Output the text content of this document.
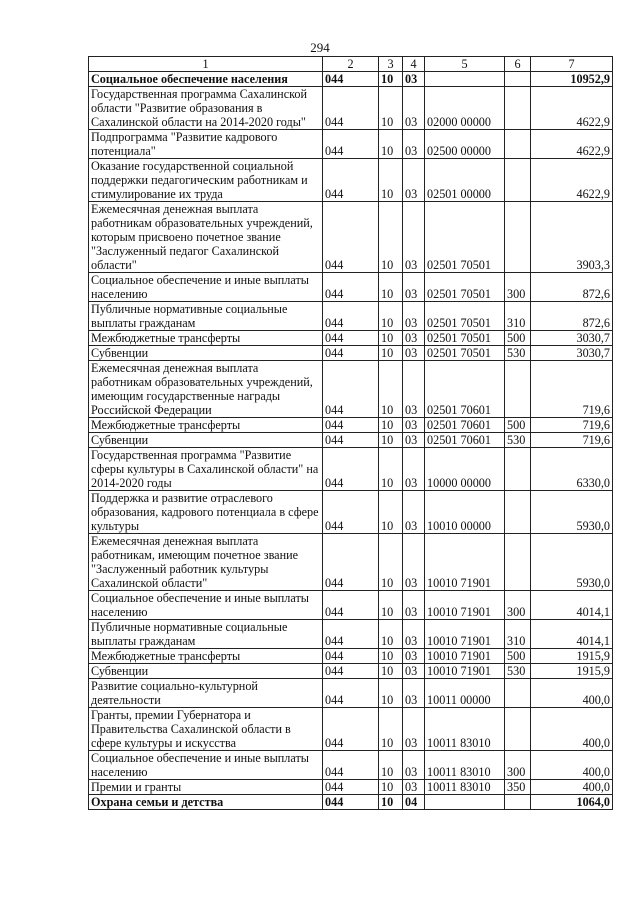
294
1	2	3	4	5	6	7
Социальное обеспечение населения	044	10	03			10952,9
Государственная программа Сахалинской области "Развитие образования в Сахалинской области на 2014-2020 годы"	044	10	03	02000 00000		4622,9
Подпрограмма "Развитие кадрового потенциала"	044	10	03	02500 00000		4622,9
Оказание государственной социальной поддержки педагогическим работникам и стимулирование их труда	044	10	03	02501 00000		4622,9
Ежемесячная денежная выплата работникам образовательных учреждений, которым присвоено почетное звание "Заслуженный педагог Сахалинской области"	044	10	03	02501 70501		3903,3
Социальное обеспечение и иные выплаты населению	044	10	03	02501 70501	300	872,6
Публичные нормативные социальные выплаты гражданам	044	10	03	02501 70501	310	872,6
Межбюджетные трансферты	044	10	03	02501 70501	500	3030,7
Субвенции	044	10	03	02501 70501	530	3030,7
Ежемесячная денежная выплата работникам образовательных учреждений, имеющим государственные награды Российской Федерации	044	10	03	02501 70601		719,6
Межбюджетные трансферты	044	10	03	02501 70601	500	719,6
Субвенции	044	10	03	02501 70601	530	719,6
Государственная программа "Развитие сферы культуры в Сахалинской области" на 2014-2020 годы	044	10	03	10000 00000		6330,0
Поддержка и развитие отраслевого образования, кадрового потенциала в сфере культуры	044	10	03	10010 00000		5930,0
Ежемесячная денежная выплата работникам, имеющим почетное звание "Заслуженный работник культуры Сахалинской области"	044	10	03	10010 71901		5930,0
Социальное обеспечение и иные выплаты населению	044	10	03	10010 71901	300	4014,1
Публичные нормативные социальные выплаты гражданам	044	10	03	10010 71901	310	4014,1
Межбюджетные трансферты	044	10	03	10010 71901	500	1915,9
Субвенции	044	10	03	10010 71901	530	1915,9
Развитие социально-культурной деятельности	044	10	03	10011 00000		400,0
Гранты, премии Губернатора и Правительства Сахалинской области в сфере культуры и искусства	044	10	03	10011 83010		400,0
Социальное обеспечение и иные выплаты населению	044	10	03	10011 83010	300	400,0
Премии и гранты	044	10	03	10011 83010	350	400,0
Охрана семьи и детства	044	10	04			1064,0
